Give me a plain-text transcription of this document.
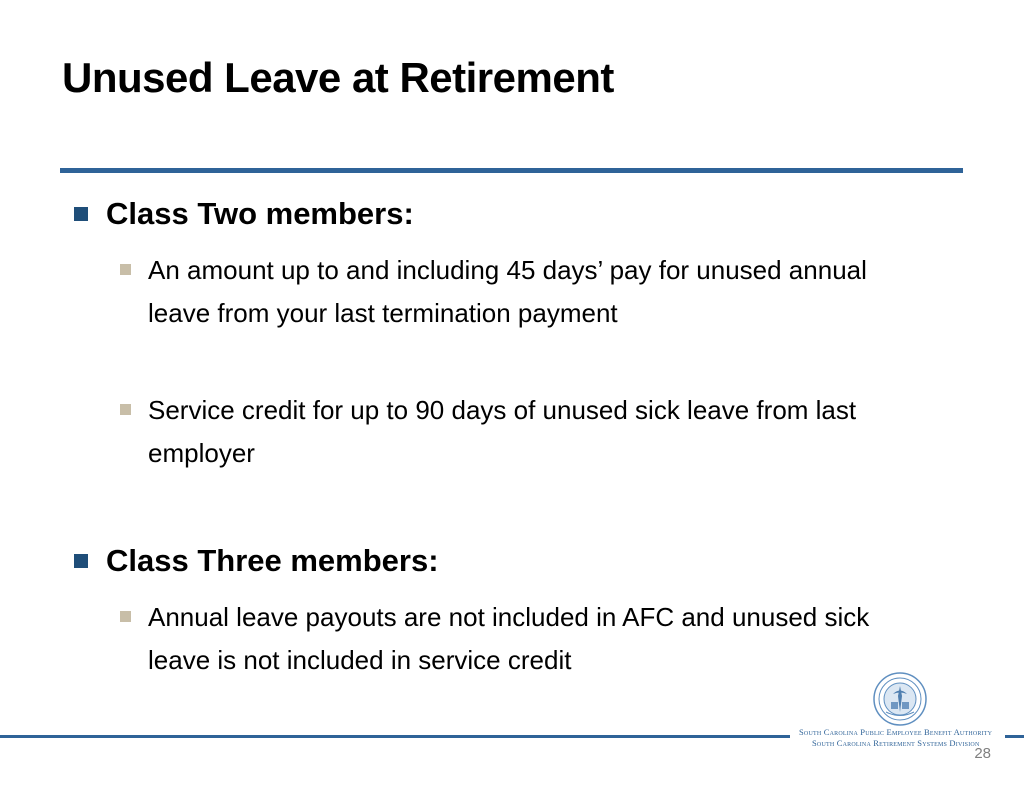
Unused Leave at Retirement
Class Two members:
An amount up to and including 45 days’ pay for unused annual leave from your last termination payment
Service credit for up to 90 days of unused sick leave from last employer
Class Three members:
Annual leave payouts are not included in AFC and unused sick leave is not included in service credit
South Carolina Public Employee Benefit Authority
South Carolina Retirement Systems Division
28
